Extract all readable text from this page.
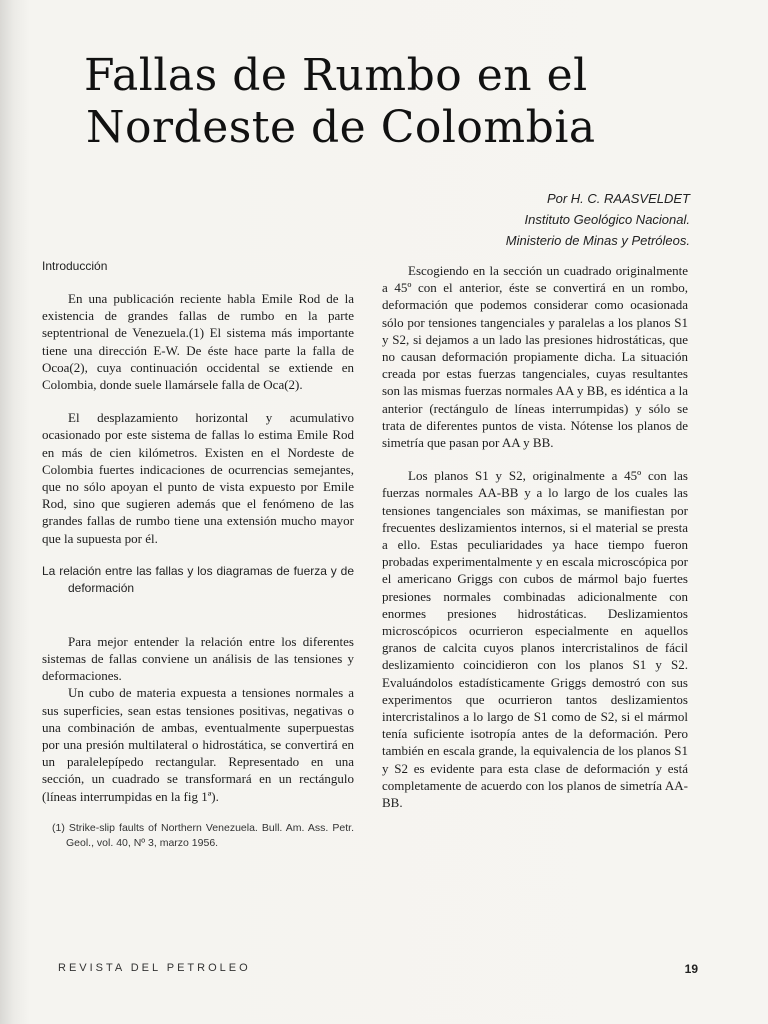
Fallas de Rumbo en el
Nordeste de Colombia
Por H. C. RAASVELDET
Instituto Geológico Nacional.
Ministerio de Minas y Petróleos.
Introducción

En una publicación reciente habla Emile Rod de la existencia de grandes fallas de rumbo en la parte septentrional de Venezuela.(1) El sistema más importante tiene una dirección E-W. De éste hace parte la falla de Ocoa(2), cuya continuación occidental se extiende en Colombia, donde suele llamársele falla de Oca(2).

El desplazamiento horizontal y acumulativo ocasionado por este sistema de fallas lo estima Emile Rod en más de cien kilómetros. Existen en el Nordeste de Colombia fuertes indicaciones de ocurrencias semejantes, que no sólo apoyan el punto de vista expuesto por Emile Rod, sino que sugieren además que el fenómeno de las grandes fallas de rumbo tiene una extensión mucho mayor que la supuesta por él.

La relación entre las fallas y los diagramas de fuerza y de deformación

Para mejor entender la relación entre los diferentes sistemas de fallas conviene un análisis de las tensiones y deformaciones.

Un cubo de materia expuesta a tensiones normales a sus superficies, sean estas tensiones positivas, negativas o una combinación de ambas, eventualmente superpuestas por una presión multilateral o hidrostática, se convertirá en un paralelepípedo rectangular. Representado en una sección, un cuadrado se transformará en un rectángulo (líneas interrumpidas en la fig 1ª).

(1) Strike-slip faults of Northern Venezuela. Bull. Am. Ass. Petr. Geol., vol. 40, Nº 3, marzo 1956.

Escogiendo en la sección un cuadrado originalmente a 45º con el anterior, éste se convertirá en un rombo, deformación que podemos considerar como ocasionada sólo por tensiones tangenciales y paralelas a los planos S1 y S2, si dejamos a un lado las presiones hidrostáticas, que no causan deformación propiamente dicha. La situación creada por estas fuerzas tangenciales, cuyas resultantes son las mismas fuerzas normales AA y BB, es idéntica a la anterior (rectángulo de líneas interrumpidas) y sólo se trata de diferentes puntos de vista. Nótense los planos de simetría que pasan por AA y BB.

Los planos S1 y S2, originalmente a 45º con las fuerzas normales AA-BB y a lo largo de los cuales las tensiones tangenciales son máximas, se manifiestan por frecuentes deslizamientos internos, si el material se presta a ello. Estas peculiaridades ya hace tiempo fueron probadas experimentalmente y en escala microscópica por el americano Griggs con cubos de mármol bajo fuertes presiones normales combinadas adicionalmente con enormes presiones hidrostáticas. Deslizamientos microscópicos ocurrieron especialmente en aquellos granos de calcita cuyos planos intercristalinos de fácil deslizamiento coincidieron con los planos S1 y S2. Evaluándolos estadísticamente Griggs demostró con sus experimentos que ocurrieron tantos deslizamientos intercristalinos a lo largo de S1 como de S2, si el mármol tenía suficiente isotropía antes de la deformación. Pero también en escala grande, la equivalencia de los planos S1 y S2 es evidente para esta clase de deformación y está completamente de acuerdo con los planos de simetría AA-BB.

REVISTA DEL PETROLEO	19
